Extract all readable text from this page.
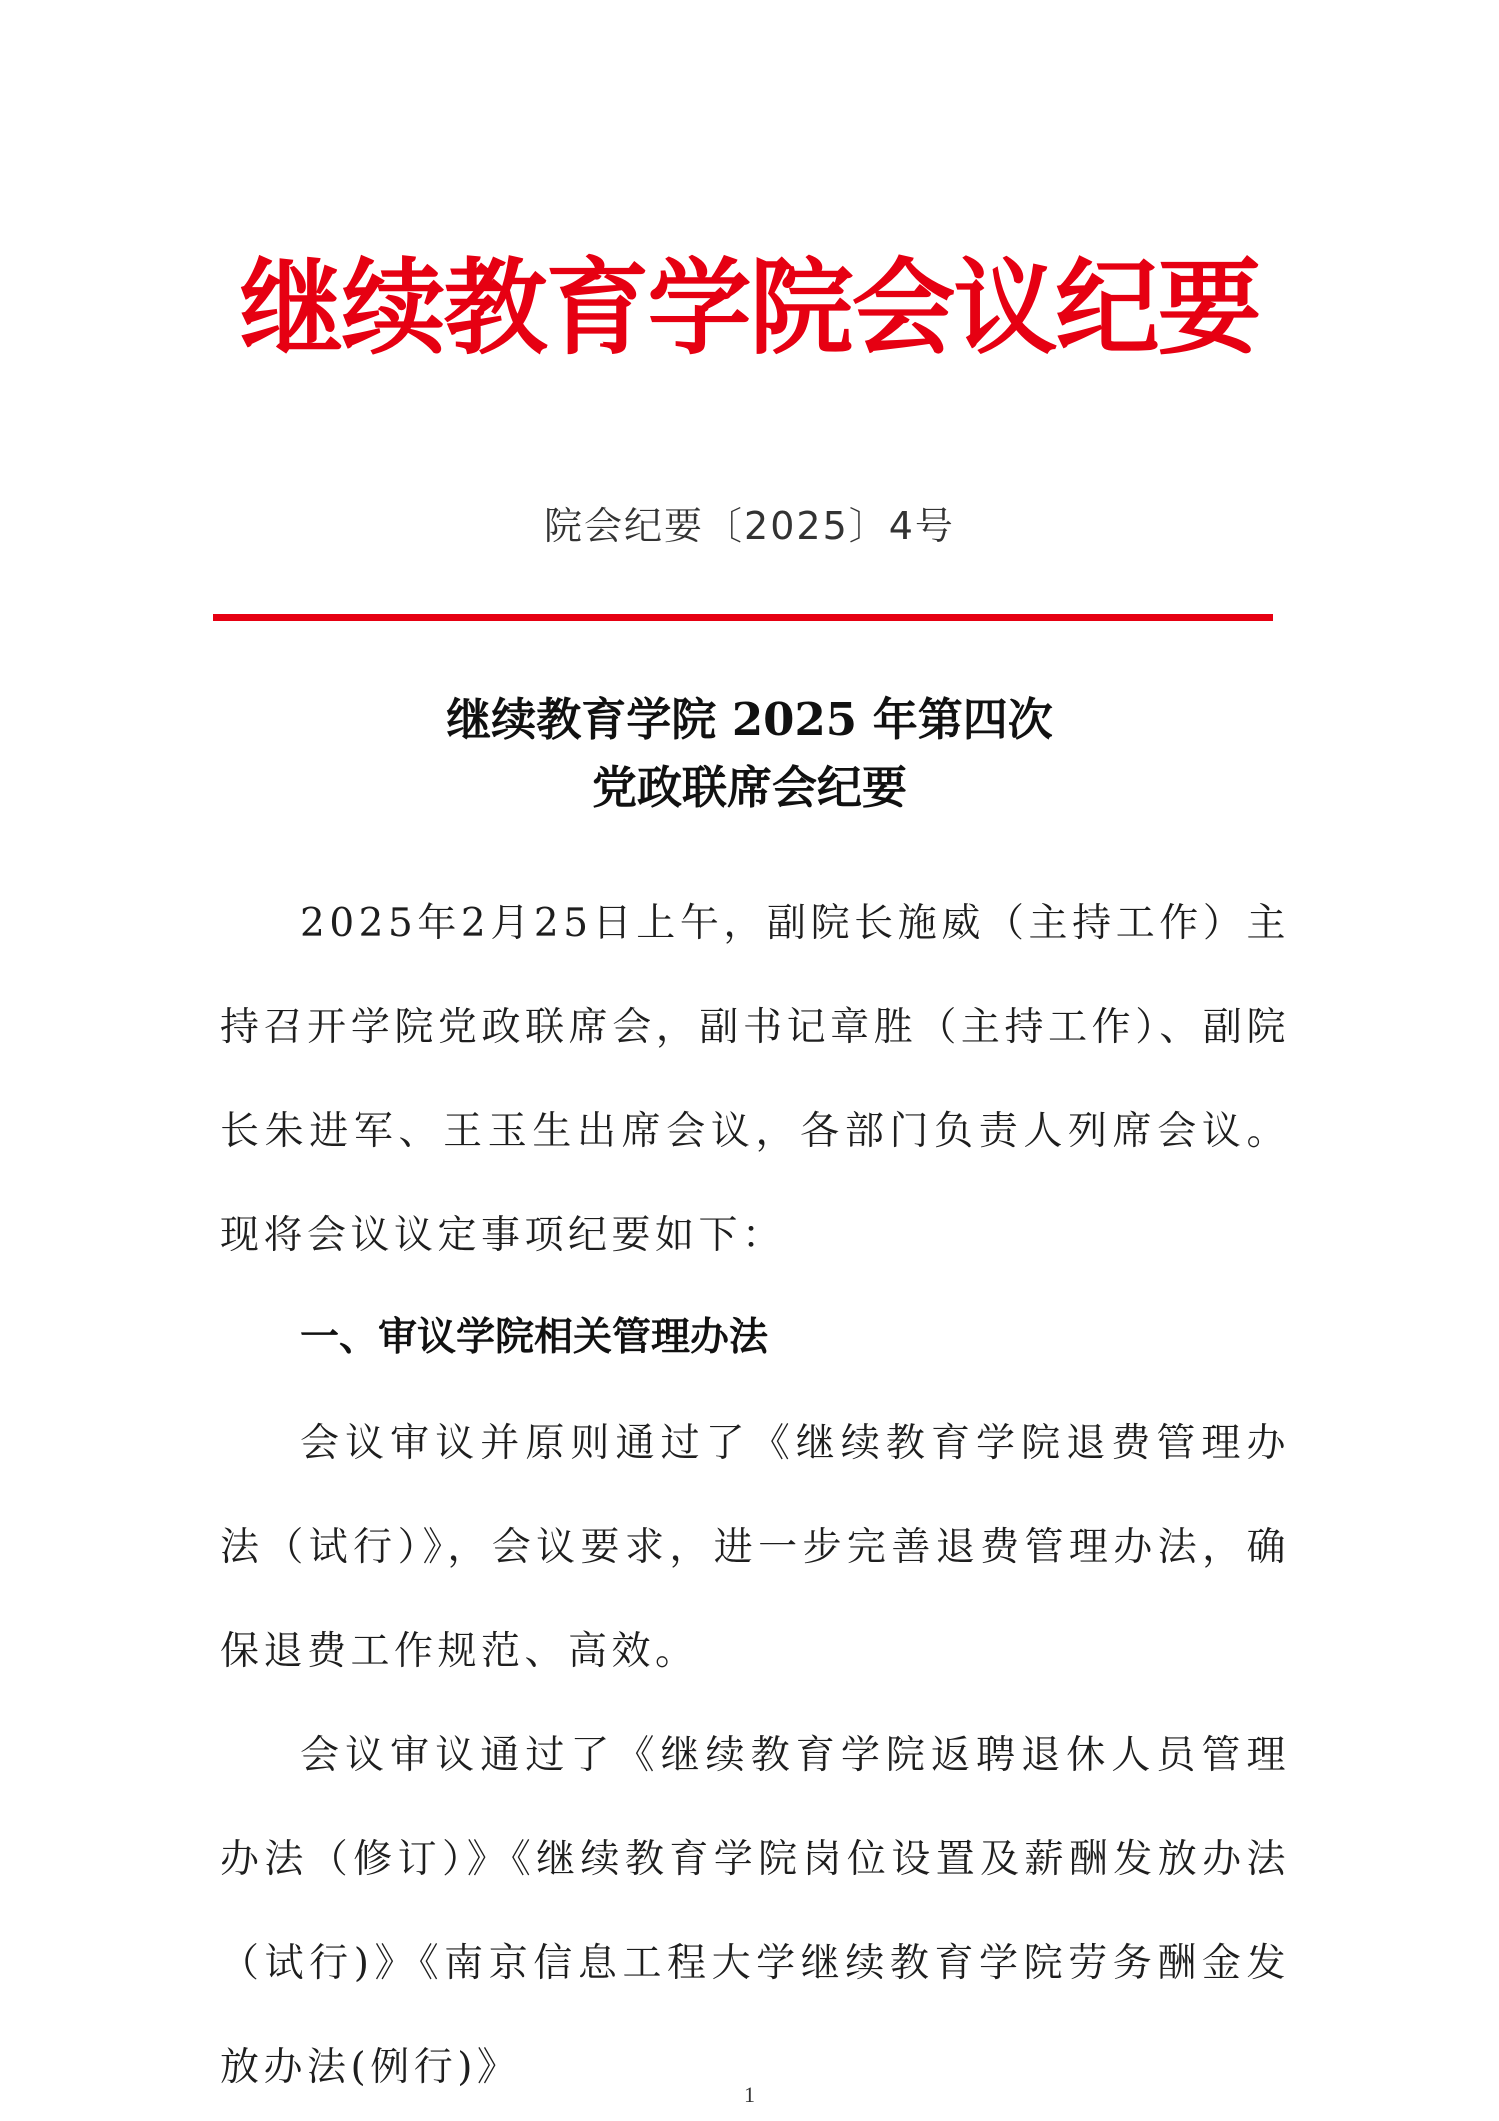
继续教育学院会议纪要
院会纪要〔2025〕4号
继续教育学院 2025 年第四次
党政联席会纪要
2025年2月25日上午，副院长施威（主持工作）主持召开学院党政联席会，副书记章胜（主持工作）、副院长朱进军、王玉生出席会议，各部门负责人列席会议。现将会议议定事项纪要如下：
一、审议学院相关管理办法
会议审议并原则通过了《继续教育学院退费管理办法（试行）》，会议要求，进一步完善退费管理办法，确保退费工作规范、高效。
会议审议通过了《继续教育学院返聘退休人员管理办法（修订）》《继续教育学院岗位设置及薪酬发放办法（试行)》《南京信息工程大学继续教育学院劳务酬金发放办法(例行)》
1
